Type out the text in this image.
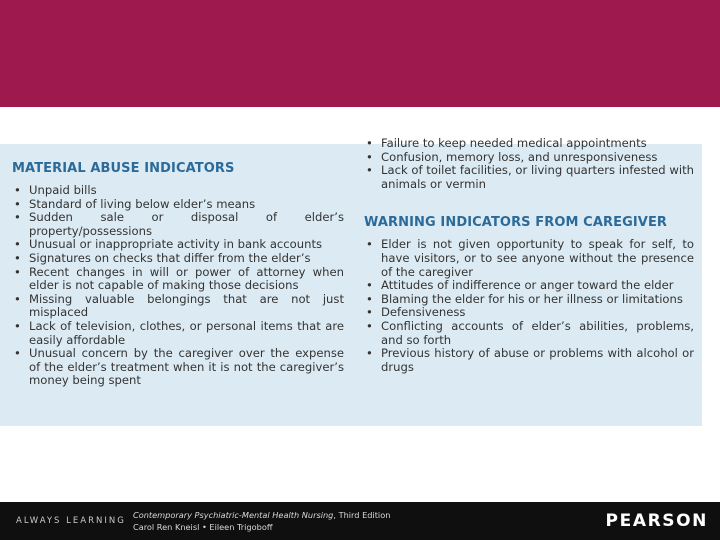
MATERIAL ABUSE INDICATORS
• Unpaid bills
• Standard of living below elder’s means
• Sudden sale or disposal of elder’s property/possessions
• Unusual or inappropriate activity in bank accounts
• Signatures on checks that differ from the elder’s
• Recent changes in will or power of attorney when elder is not capable of making those decisions
• Missing valuable belongings that are not just misplaced
• Lack of television, clothes, or personal items that are easily affordable
• Unusual concern by the caregiver over the expense of the elder’s treatment when it is not the caregiver’s money being spent
• Failure to keep needed medical appointments
• Confusion, memory loss, and unresponsiveness
• Lack of toilet facilities, or living quarters infested with animals or vermin
WARNING INDICATORS FROM CAREGIVER
• Elder is not given opportunity to speak for self, to have visitors, or to see anyone without the presence of the caregiver
• Attitudes of indifference or anger toward the elder
• Blaming the elder for his or her illness or limitations
• Defensiveness
• Conflicting accounts of elder’s abilities, problems, and so forth
• Previous history of abuse or problems with alcohol or drugs
ALWAYS LEARNING
Contemporary Psychiatric-Mental Health Nursing, Third Edition
Carol Ren Kneisl • Eileen Trigoboff	PEARSON
